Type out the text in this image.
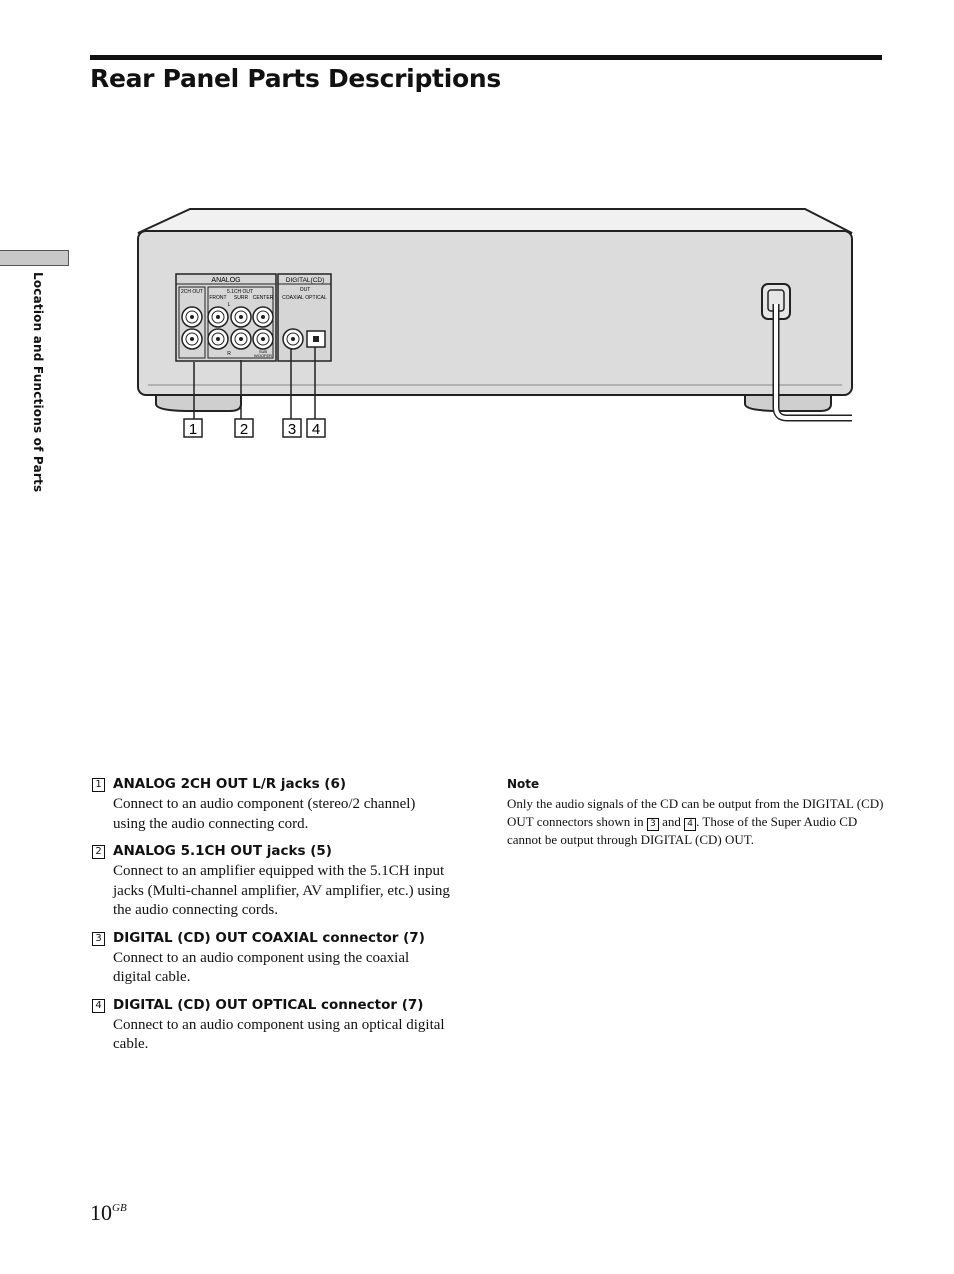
Rear Panel Parts Descriptions
Location and Functions of Parts	ANALOG
2CH OUT	5.1CH OUT
FRONT SURR CENTER
L
R	SUB
WOOFER
DIGITAL(CD)
OUT
COAXIAL OPTICAL
1	2	3 4
1 ANALOG 2CH OUT L/R jacks (6)

Connect to an audio component (stereo/2 channel) using the audio connecting cord.

2 ANALOG 5.1CH OUT jacks (5)

Connect to an amplifier equipped with the 5.1CH input jacks (Multi-channel amplifier, AV amplifier, etc.) using the audio connecting cords.

3 DIGITAL (CD) OUT COAXIAL connector (7)

Connect to an audio component using the coaxial digital cable.

4 DIGITAL (CD) OUT OPTICAL connector (7)

Connect to an audio component using an optical digital cable.

Note

Only the audio signals of the CD can be output from the DIGITAL (CD) OUT connectors shown in 3 and 4 . Those of the Super Audio CD cannot be output through DIGITAL (CD) OUT.

$10^{GB}$
